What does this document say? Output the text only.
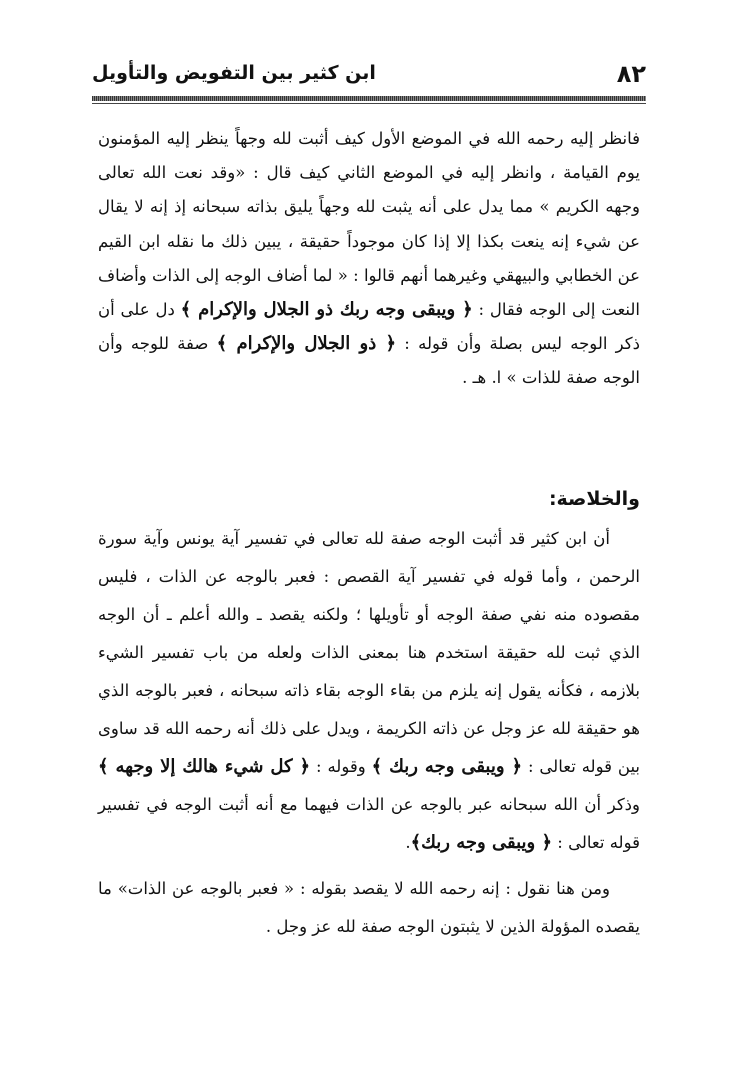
٨٢
ابن كثير بين التفويض والتأويل

فانظر إليه رحمه الله في الموضع الأول كيف أثبت لله وجهاً ينظر إليه المؤمنون يوم القيامة ، وانظر إليه في الموضع الثاني كيف قال : «وقد نعت الله تعالى وجهه الكريم » مما يدل على أنه يثبت لله وجهاً يليق بذاته سبحانه إذ إنه لا يقال عن شيء إنه ينعت بكذا إلا إذا كان موجوداً حقيقة ، يبين ذلك ما نقله ابن القيم عن الخطابي والبيهقي وغيرهما أنهم قالوا : « لما أضاف الوجه إلى الذات وأضاف النعت إلى الوجه فقال : ﴿ ويبقى وجه ربك ذو الجلال والإكرام ﴾ دل على أن ذكر الوجه ليس بصلة وأن قوله : ﴿ ذو الجلال والإكرام ﴾ صفة للوجه وأن الوجه صفة للذات » ا. هـ .

والخلاصة:

أن ابن كثير قد أثبت الوجه صفة لله تعالى في تفسير آية يونس وآية سورة الرحمن ، وأما قوله في تفسير آية القصص : فعبر بالوجه عن الذات ، فليس مقصوده منه نفي صفة الوجه أو تأويلها ؛ ولكنه يقصد ـ والله أعلم ـ أن الوجه الذي ثبت لله حقيقة استخدم هنا بمعنى الذات ولعله من باب تفسير الشيء بلازمه ، فكأنه يقول إنه يلزم من بقاء الوجه بقاء ذاته سبحانه ، فعبر بالوجه الذي هو حقيقة لله عز وجل عن ذاته الكريمة ، ويدل على ذلك أنه رحمه الله قد ساوى بين قوله تعالى : ﴿ ويبقى وجه ربك ﴾ وقوله : ﴿ كل شيء هالك إلا وجهه ﴾ وذكر أن الله سبحانه عبر بالوجه عن الذات فيهما مع أنه أثبت الوجه في تفسير قوله تعالى : ﴿ ويبقى وجه ربك﴾.

ومن هنا نقول : إنه رحمه الله لا يقصد بقوله : « فعبر بالوجه عن الذات» ما يقصده المؤولة الذين لا يثبتون الوجه صفة لله عز وجل .
